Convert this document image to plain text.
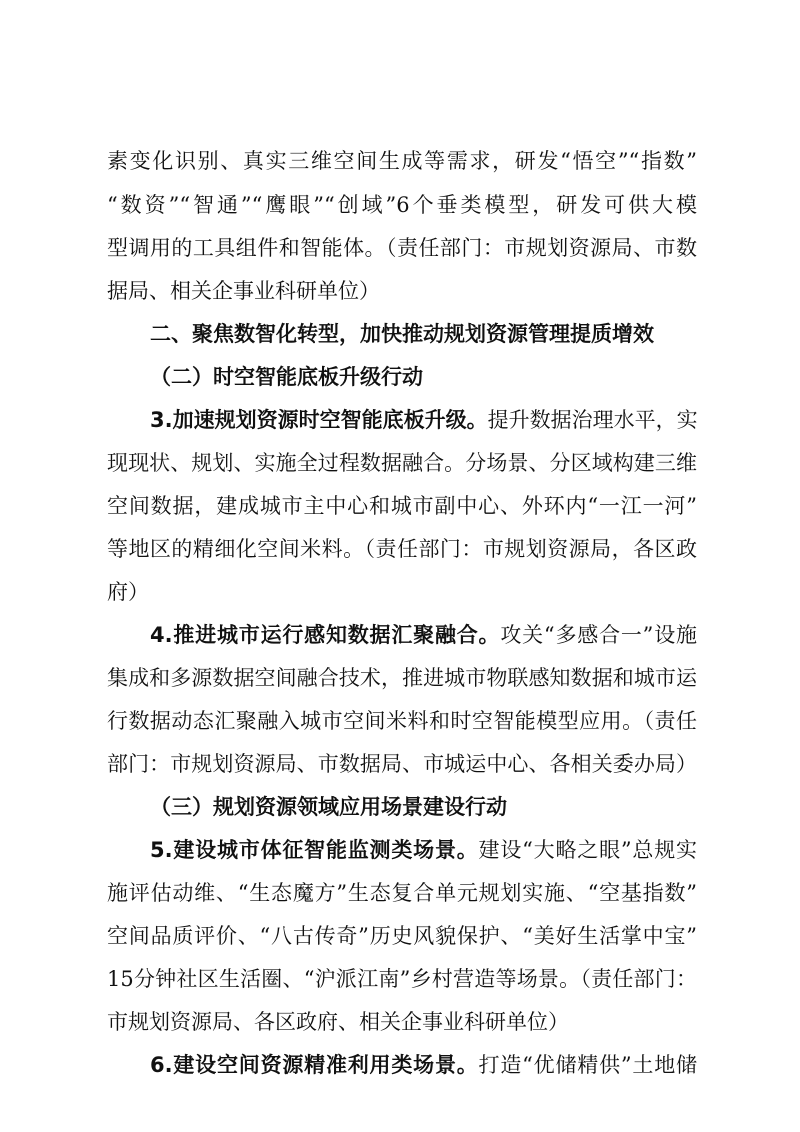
素变化识别、真实三维空间生成等需求，研发“悟空”“指数”
“数资”“智通”“鹰眼”“创域”6个垂类模型，研发可供大模
型调用的工具组件和智能体。（责任部门：市规划资源局、市数
据局、相关企事业科研单位）
二、聚焦数智化转型，加快推动规划资源管理提质增效
（二）时空智能底板升级行动
3.加速规划资源时空智能底板升级。提升数据治理水平，实
现现状、规划、实施全过程数据融合。分场景、分区域构建三维
空间数据，建成城市主中心和城市副中心、外环内“一江一河”
等地区的精细化空间米料。（责任部门：市规划资源局，各区政
府）
4.推进城市运行感知数据汇聚融合。攻关“多感合一”设施
集成和多源数据空间融合技术，推进城市物联感知数据和城市运
行数据动态汇聚融入城市空间米料和时空智能模型应用。（责任
部门：市规划资源局、市数据局、市城运中心、各相关委办局）
（三）规划资源领域应用场景建设行动
5.建设城市体征智能监测类场景。建设“大略之眼”总规实
施评估动维、“生态魔方”生态复合单元规划实施、“空基指数”
空间品质评价、“八古传奇”历史风貌保护、“美好生活掌中宝”
15分钟社区生活圈、“沪派江南”乡村营造等场景。（责任部门：
市规划资源局、各区政府、相关企事业科研单位）
6.建设空间资源精准利用类场景。打造“优储精供”土地储
